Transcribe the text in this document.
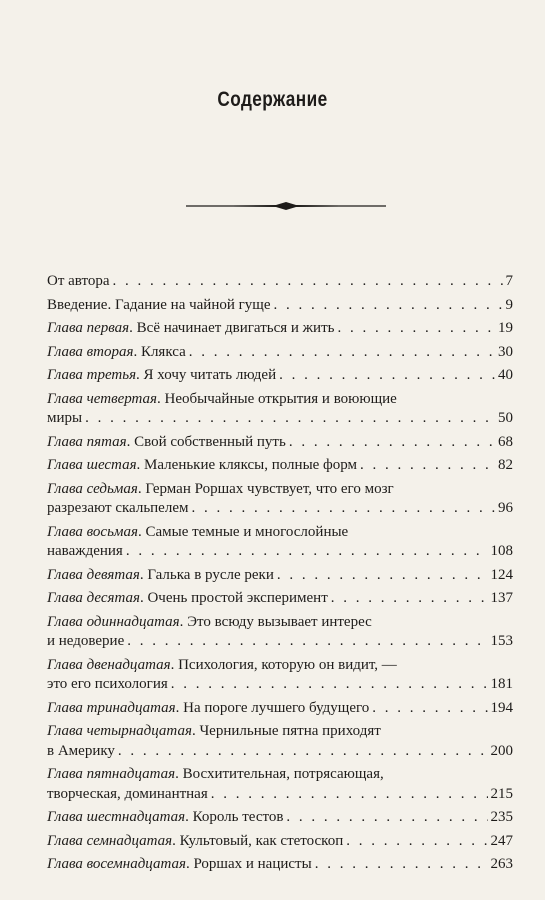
Содержание
От автора . . .	7
Введение. Гадание на чайной гуще . . .	9
Глава первая. Всё начинает двигаться и жить . . .	19
Глава вторая. Клякса . . .	30
Глава третья. Я хочу читать людей . . .	40
Глава четвертая. Необычайные открытия и воюющие
миры . . .	50
Глава пятая. Свой собственный путь . . .	68
Глава шестая. Маленькие кляксы, полные форм . . .	82
Глава седьмая. Герман Роршах чувствует, что его мозг
разрезают скальпелем . . .	96
Глава восьмая. Самые темные и многослойные
наваждения . . .	108
Глава девятая. Галька в русле реки . . .	124
Глава десятая. Очень простой эксперимент . . .	137
Глава одиннадцатая. Это всюду вызывает интерес
и недоверие . . .	153
Глава двенадцатая. Психология, которую он видит, —
это его психология . . .	181
Глава тринадцатая. На пороге лучшего будущего . . .	194
Глава четырнадцатая. Чернильные пятна приходят
в Америку . . .	200
Глава пятнадцатая. Восхитительная, потрясающая,
творческая, доминантная . . .	215
Глава шестнадцатая. Король тестов . . .	235
Глава семнадцатая. Культовый, как стетоскоп . . .	247
Глава восемнадцатая. Роршах и нацисты . . .	263
